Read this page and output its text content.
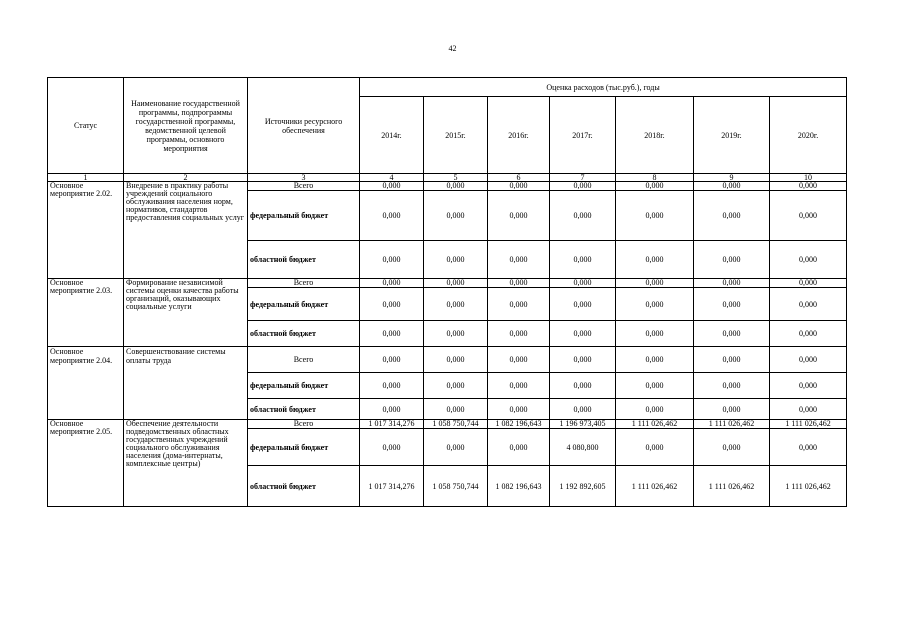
42
Статус	Наименование государственной программы, подпрограммы государственной программы, ведомственной целевой программы, основного мероприятия	Источники ресурсного обеспечения	Оценка расходов (тыс.руб.), годы						
			2014г.	2015г.	2016г.	2017г.	2018г.	2019г.	2020г.
1	2	3	4	5	6	7	8	9	10
Основное мероприятие 2.02.	Внедрение в практику работы учреждений социального обслуживания населения норм, нормативов, стандартов предоставления социальных услуг	Всего	0,000	0,000	0,000	0,000	0,000	0,000	0,000
		федеральный бюджет	0,000	0,000	0,000	0,000	0,000	0,000	0,000
		областной бюджет	0,000	0,000	0,000	0,000	0,000	0,000	0,000
Основное мероприятие 2.03.	Формирование независимой системы оценки качества работы организаций, оказывающих социальные услуги	Всего	0,000	0,000	0,000	0,000	0,000	0,000	0,000
		федеральный бюджет	0,000	0,000	0,000	0,000	0,000	0,000	0,000
		областной бюджет	0,000	0,000	0,000	0,000	0,000	0,000	0,000
Основное мероприятие 2.04.	Совершенствование системы оплаты труда	Всего	0,000	0,000	0,000	0,000	0,000	0,000	0,000
		федеральный бюджет	0,000	0,000	0,000	0,000	0,000	0,000	0,000
		областной бюджет	0,000	0,000	0,000	0,000	0,000	0,000	0,000
Основное мероприятие 2.05.	Обеспечение деятельности подведомственных областных государственных учреждений социального обслуживания населения (дома-интернаты, комплексные центры)	Всего	1 017 314,276	1 058 750,744	1 082 196,643	1 196 973,405	1 111 026,462	1 111 026,462	1 111 026,462
		федеральный бюджет	0,000	0,000	0,000	4 080,800	0,000	0,000	0,000
		областной бюджет	1 017 314,276	1 058 750,744	1 082 196,643	1 192 892,605	1 111 026,462	1 111 026,462	1 111 026,462
